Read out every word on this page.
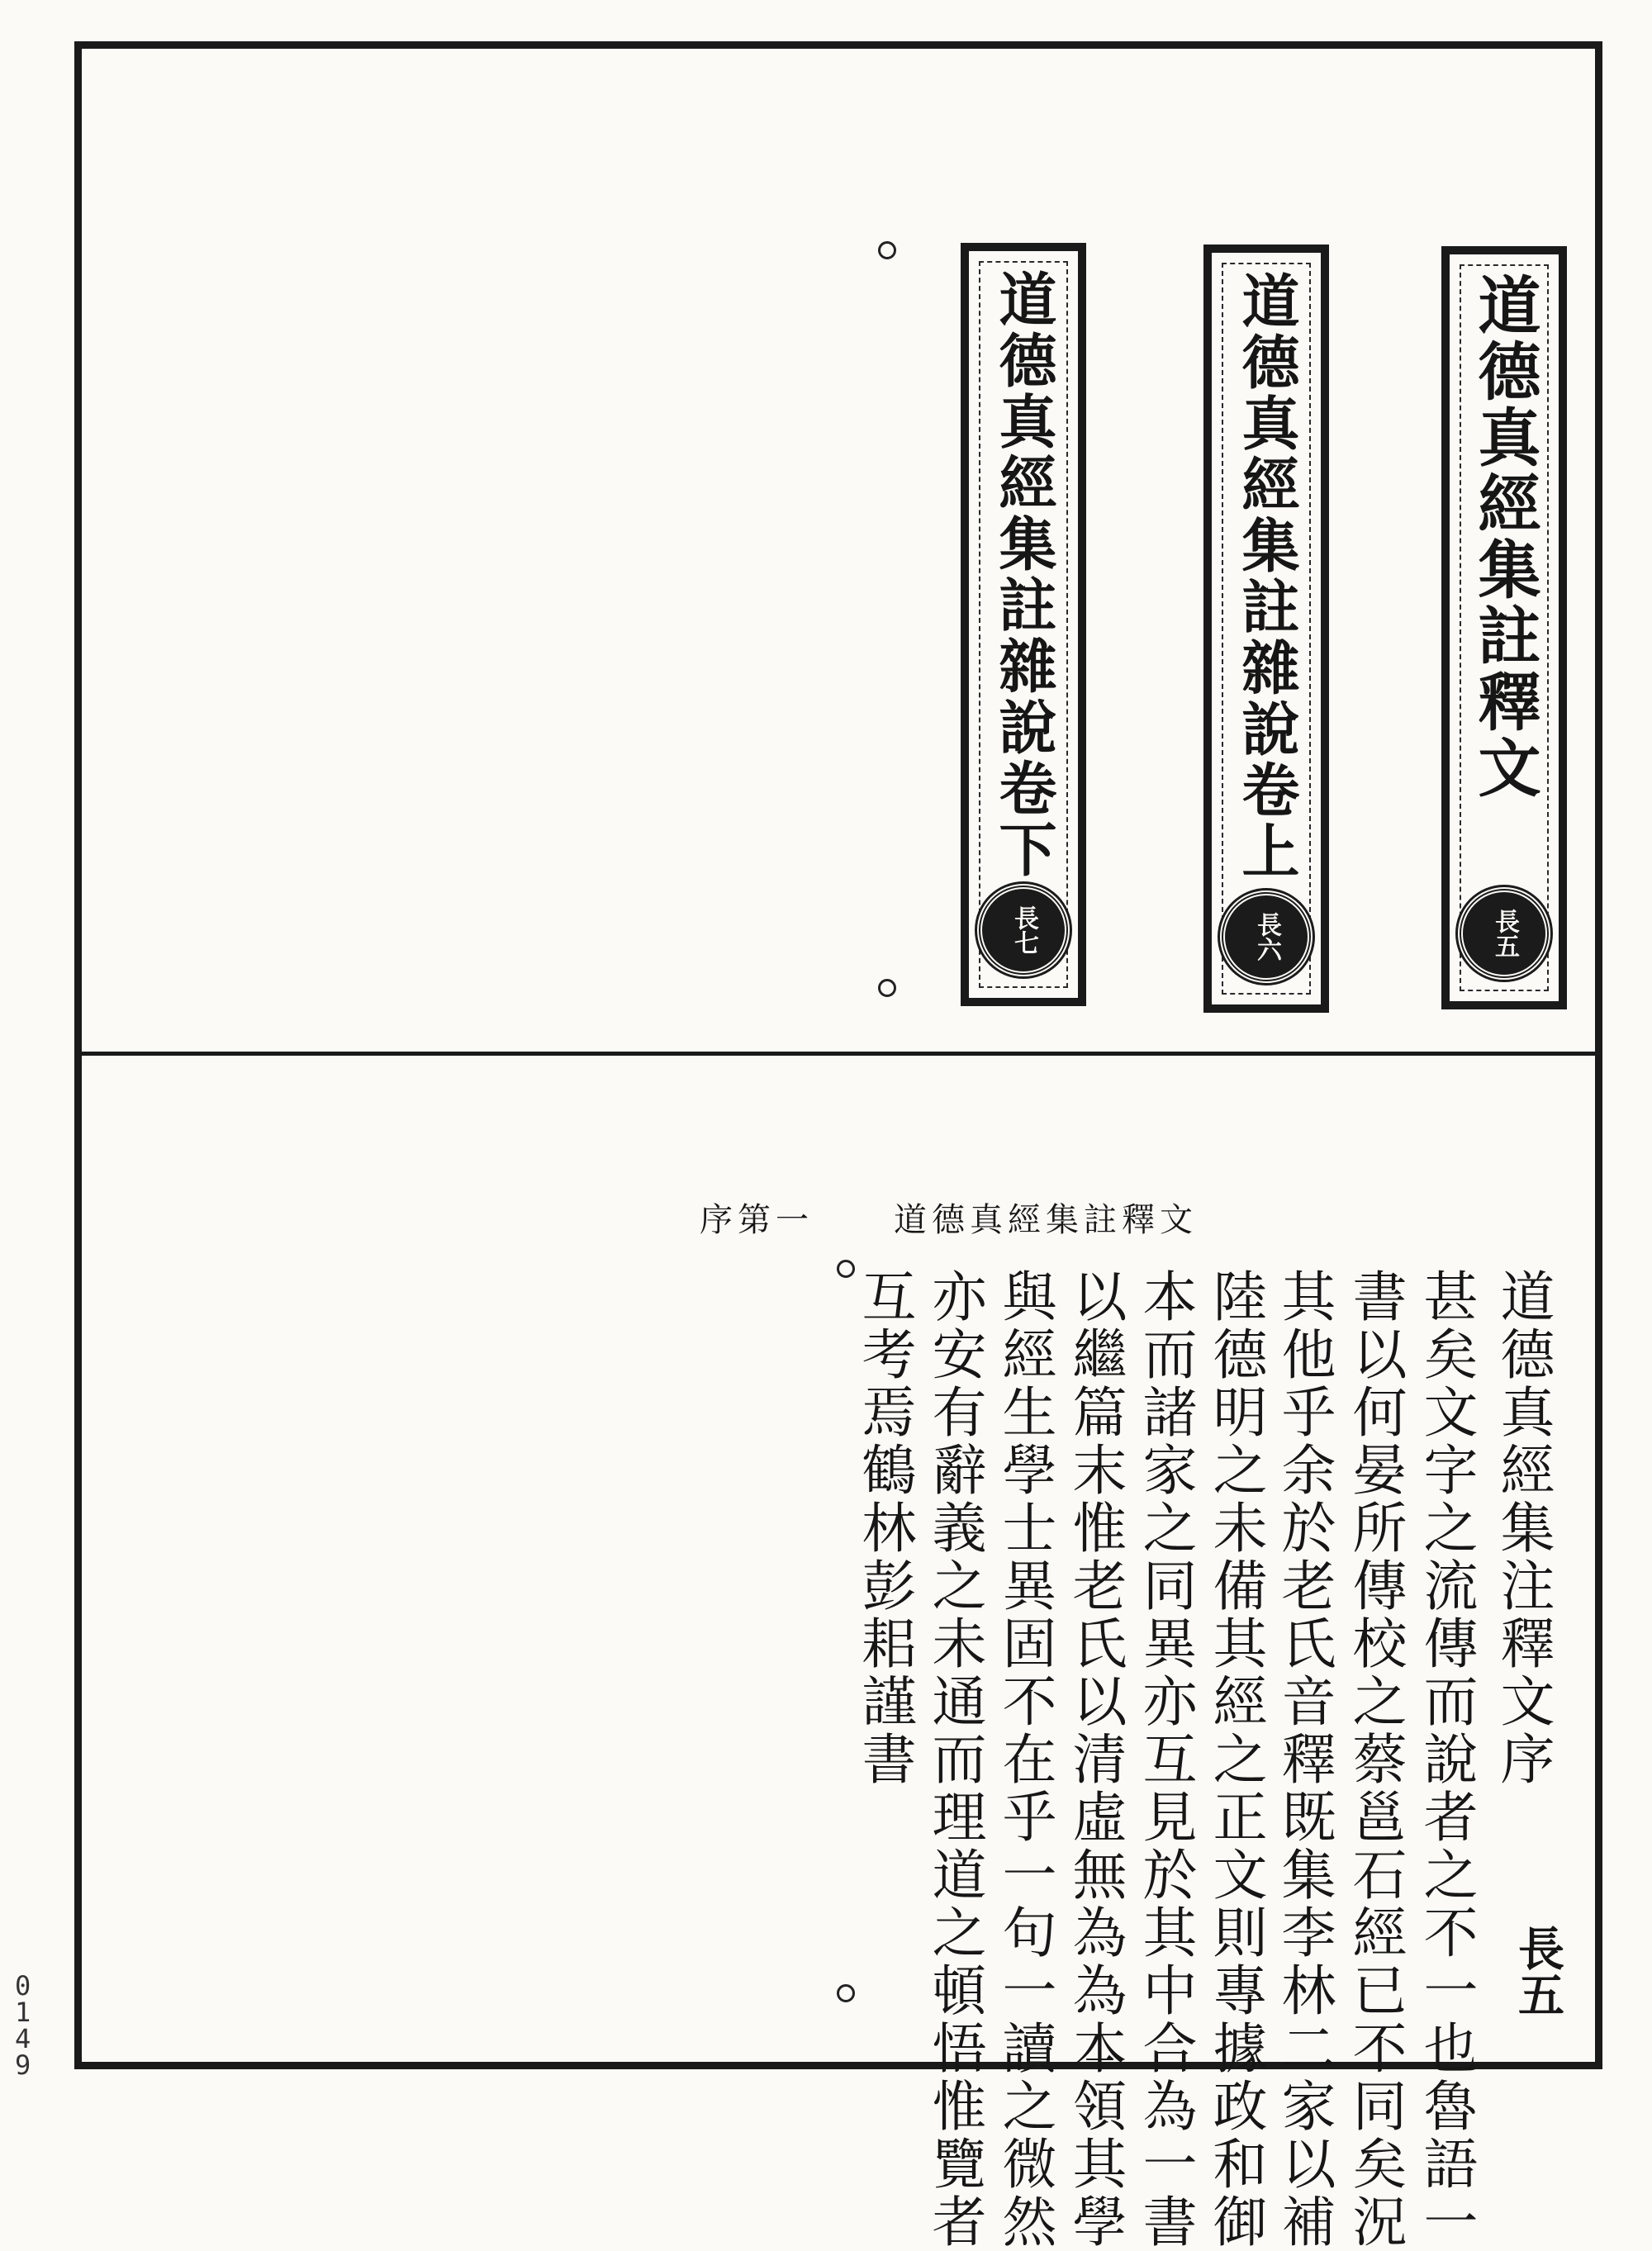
道德真經集註釋文
長五
道德真經集註雜說卷上
長六
道德真經集註雜說卷下
長七
道德真經集註釋文
序第一
道德真經集注釋文序
甚矣文字之流傳而說者之不一也魯語一
書以何晏所傳校之蔡邕石經已不同矣況
其他乎余於老氏音釋既集李林二家以補
陸德明之未備其經之正文則專據政和御
本而諸家之同異亦互見於其中合為一書
以繼篇末惟老氏以清虛無為為本領其學
與經生學士異固不在乎一句一讀之微然
亦安有辭義之未通而理道之頓悟惟覽者
互考焉鶴林彭耜謹書
長五
0149
